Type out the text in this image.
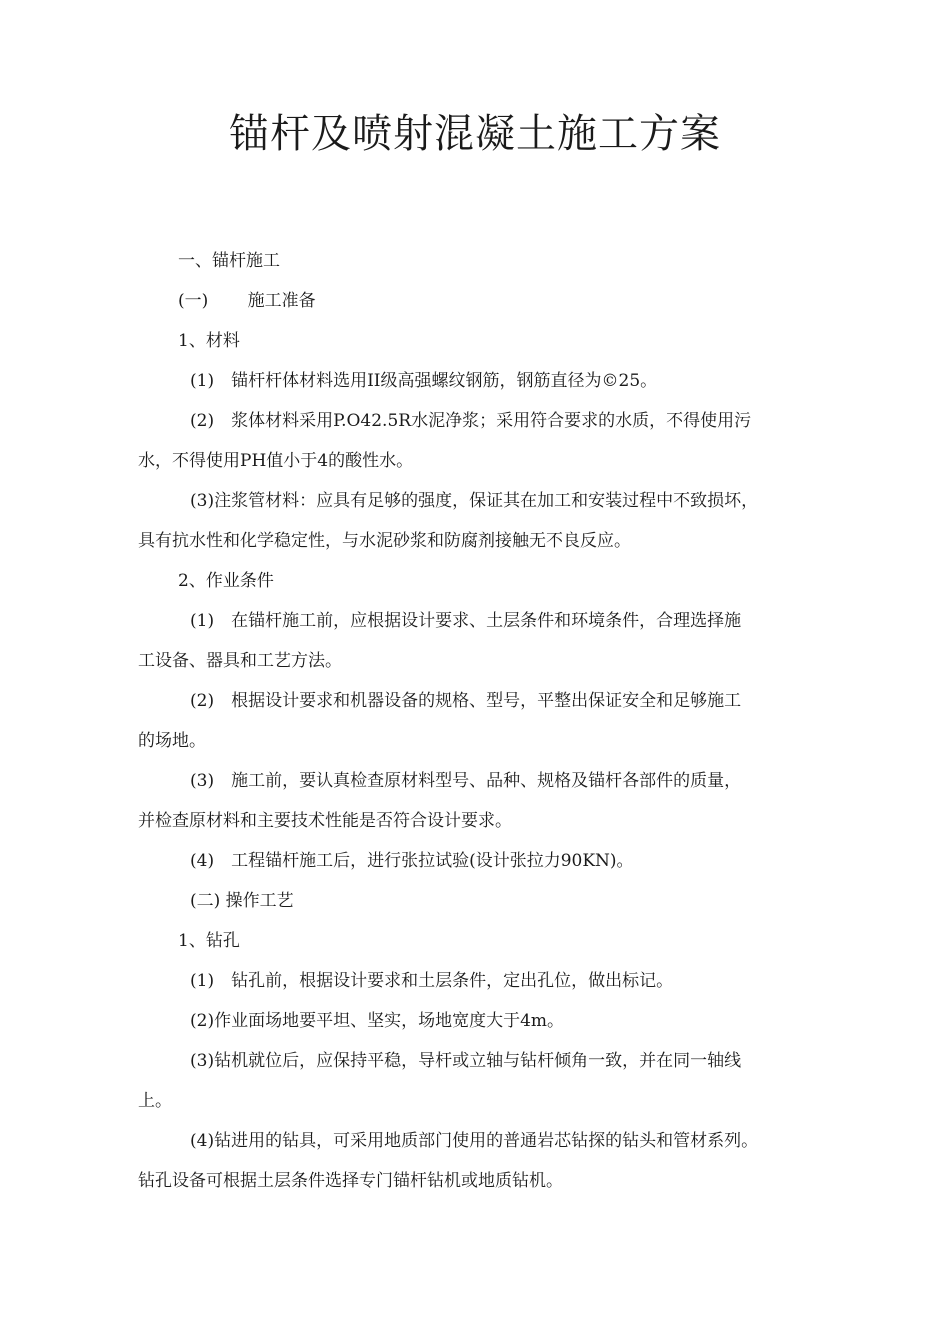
锚杆及喷射混凝土施工方案
一、锚杆施工
(一)　　 施工准备
1、材料
(1)　锚杆杆体材料选用II级高强螺纹钢筋，钢筋直径为©25。
(2)　浆体材料采用P.O42.5R水泥净浆；采用符合要求的水质，不得使用污
水，不得使用PH值小于4的酸性水。
(3)注浆管材料：应具有足够的强度，保证其在加工和安装过程中不致损坏，
具有抗水性和化学稳定性，与水泥砂浆和防腐剂接触无不良反应。
2、作业条件
(1)　在锚杆施工前，应根据设计要求、土层条件和环境条件，合理选择施
工设备、器具和工艺方法。
(2)　根据设计要求和机器设备的规格、型号，平整出保证安全和足够施工
的场地。
(3)　施工前，要认真检查原材料型号、品种、规格及锚杆各部件的质量，
并检查原材料和主要技术性能是否符合设计要求。
(4)　工程锚杆施工后，进行张拉试验(设计张拉力90KN)。
(二) 操作工艺
1、钻孔
(1)　钻孔前，根据设计要求和土层条件，定出孔位，做出标记。
(2)作业面场地要平坦、坚实，场地宽度大于4m。
(3)钻机就位后，应保持平稳，导杆或立轴与钻杆倾角一致，并在同一轴线
上。
(4)钻进用的钻具，可采用地质部门使用的普通岩芯钻探的钻头和管材系列。
钻孔设备可根据土层条件选择专门锚杆钻机或地质钻机。
